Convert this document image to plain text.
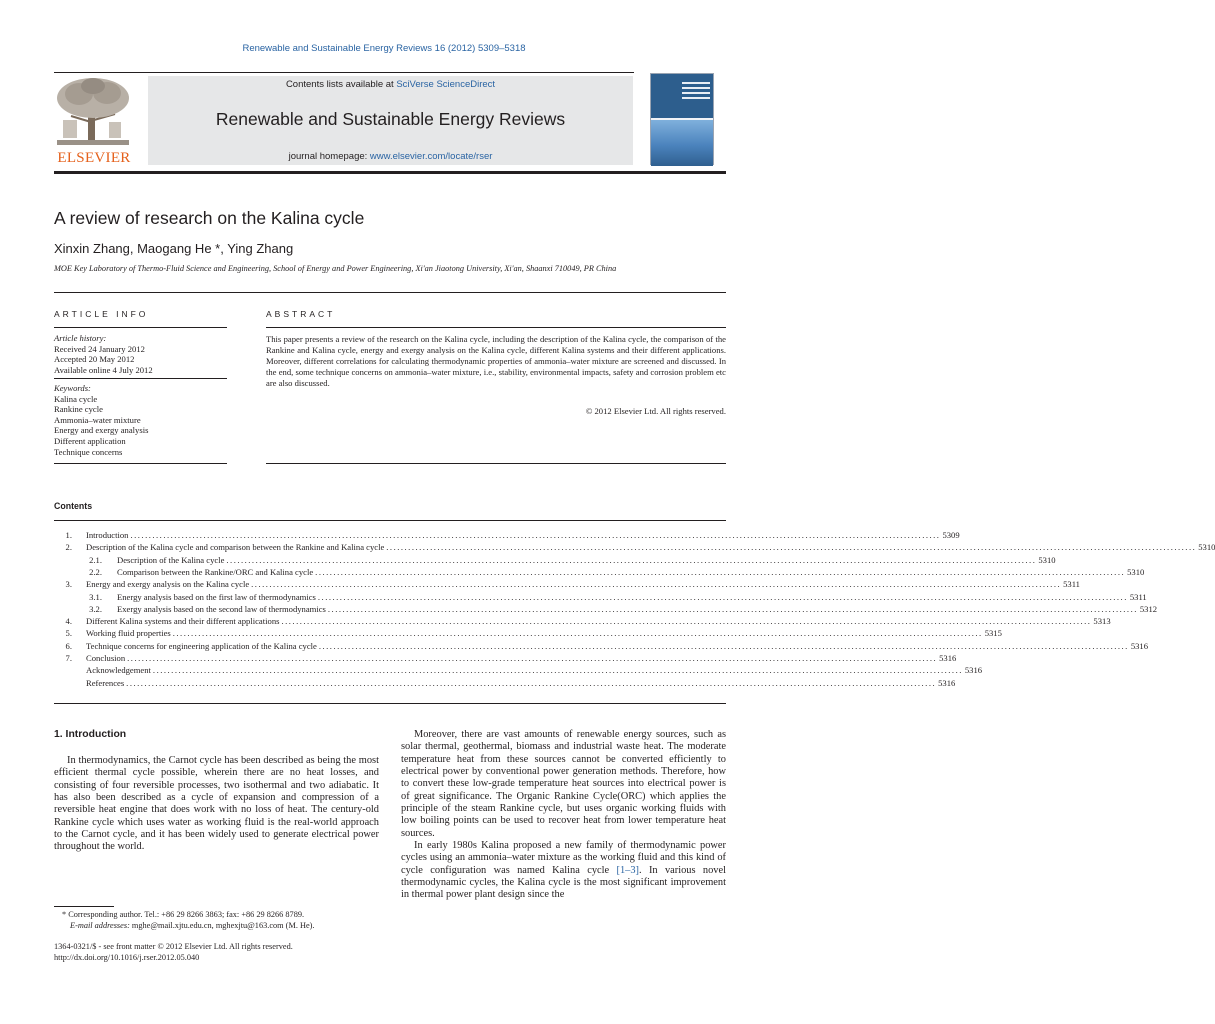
Renewable and Sustainable Energy Reviews 16 (2012) 5309–5318
ELSEVIER
Contents lists available at SciVerse ScienceDirect
Renewable and Sustainable Energy Reviews
journal homepage: www.elsevier.com/locate/rser
A review of research on the Kalina cycle
Xinxin Zhang, Maogang He *, Ying Zhang
MOE Key Laboratory of Thermo-Fluid Science and Engineering, School of Energy and Power Engineering, Xi'an Jiaotong University, Xi'an, Shaanxi 710049, PR China
ARTICLE INFO
Article history:
Received 24 January 2012
Accepted 20 May 2012
Available online 4 July 2012
Keywords:
Kalina cycle
Rankine cycle
Ammonia–water mixture
Energy and exergy analysis
Different application
Technique concerns
ABSTRACT
This paper presents a review of the research on the Kalina cycle, including the description of the Kalina cycle, the comparison of the Rankine and Kalina cycle, energy and exergy analysis on the Kalina cycle, different Kalina systems and their different applications. Moreover, different correlations for calculating thermodynamic properties of ammonia–water mixture are screened and discussed. In the end, some technique concerns on ammonia–water mixture, i.e., stability, environmental impacts, safety and corrosion problem etc are also discussed.
© 2012 Elsevier Ltd. All rights reserved.
Contents
1. Introduction .............................................................................................................................................................................................................................. 5309
2. Description of the Kalina cycle and comparison between the Rankine and Kalina cycle .............................................................................................................................................................................................................................. 5310
2.1. Description of the Kalina cycle .............................................................................................................................................................................................................................. 5310
2.2. Comparison between the Rankine/ORC and Kalina cycle .............................................................................................................................................................................................................................. 5310
3. Energy and exergy analysis on the Kalina cycle .............................................................................................................................................................................................................................. 5311
3.1. Energy analysis based on the first law of thermodynamics .............................................................................................................................................................................................................................. 5311
3.2. Exergy analysis based on the second law of thermodynamics .............................................................................................................................................................................................................................. 5312
4. Different Kalina systems and their different applications .............................................................................................................................................................................................................................. 5313
5. Working fluid properties .............................................................................................................................................................................................................................. 5315
6. Technique concerns for engineering application of the Kalina cycle .............................................................................................................................................................................................................................. 5316
7. Conclusion .............................................................................................................................................................................................................................. 5316
Acknowledgement .............................................................................................................................................................................................................................. 5316
References .............................................................................................................................................................................................................................. 5316
1. Introduction

In thermodynamics, the Carnot cycle has been described as being the most efficient thermal cycle possible, wherein there are no heat losses, and consisting of four reversible processes, two isothermal and two adiabatic. It has also been described as a cycle of expansion and compression of a reversible heat engine that does work with no loss of heat. The century-old Rankine cycle which uses water as working fluid is the real-world approach to the Carnot cycle, and it has been widely used to generate electrical power throughout the world.

Moreover, there are vast amounts of renewable energy sources, such as solar thermal, geothermal, biomass and industrial waste heat. The moderate temperature heat from these sources cannot be converted efficiently to electrical power by conventional power generation methods. Therefore, how to convert these low-grade temperature heat sources into electrical power is of great significance. The Organic Rankine Cycle(ORC) which applies the principle of the steam Rankine cycle, but uses organic working fluids with low boiling points can be used to recover heat from lower temperature heat sources.

In early 1980s Kalina proposed a new family of thermodynamic power cycles using an ammonia–water mixture as the working fluid and this kind of cycle configuration was named Kalina cycle [1–3]. In various novel thermodynamic cycles, the Kalina cycle is the most significant improvement in thermal power plant design since the

* Corresponding author. Tel.: +86 29 8266 3863; fax: +86 29 8266 8789.
E-mail addresses: mghe@mail.xjtu.edu.cn, mghexjtu@163.com (M. He).
1364-0321/$ - see front matter © 2012 Elsevier Ltd. All rights reserved.
http://dx.doi.org/10.1016/j.rser.2012.05.040
